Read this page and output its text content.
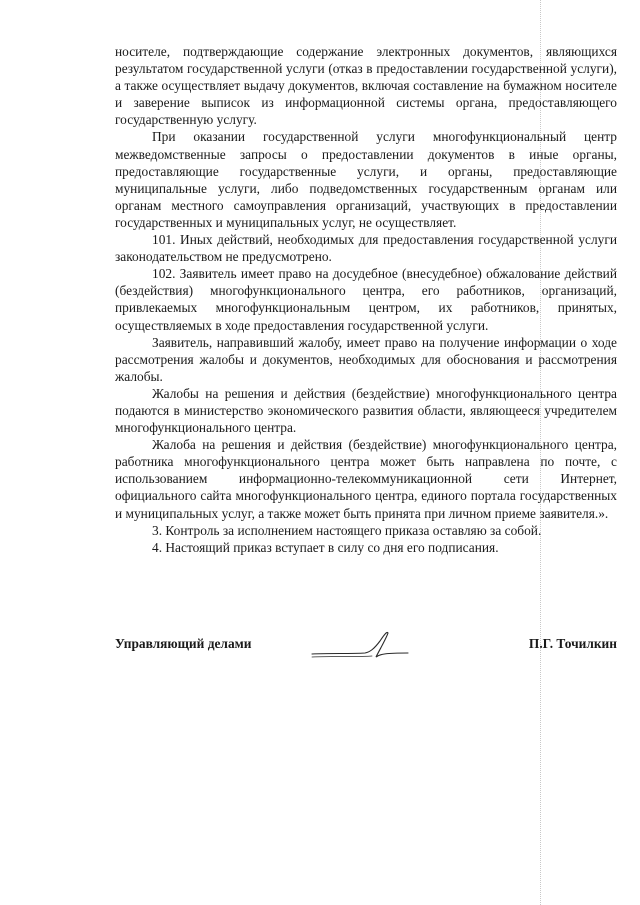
носителе, подтверждающие содержание электронных документов, являющихся результатом государственной услуги (отказ в предоставлении государственной услуги), а также осуществляет выдачу документов, включая составление на бумажном носителе и заверение выписок из информационной системы органа, предоставляющего государственную услугу.

При оказании государственной услуги многофункциональный центр межведомственные запросы о предоставлении документов в иные органы, предоставляющие государственные услуги, и органы, предоставляющие муниципальные услуги, либо подведомственных государственным органам или органам местного самоуправления организаций, участвующих в предоставлении государственных и муниципальных услуг, не осуществляет.

101. Иных действий, необходимых для предоставления государственной услуги законодательством не предусмотрено.

102. Заявитель имеет право на досудебное (внесудебное) обжалование действий (бездействия) многофункционального центра, его работников, организаций, привлекаемых многофункциональным центром, их работников, принятых, осуществляемых в ходе предоставления государственной услуги.

Заявитель, направивший жалобу, имеет право на получение информации о ходе рассмотрения жалобы и документов, необходимых для обоснования и рассмотрения жалобы.

Жалобы на решения и действия (бездействие) многофункционального центра подаются в министерство экономического развития области, являющееся учредителем многофункционального центра.

Жалоба на решения и действия (бездействие) многофункционального центра, работника многофункционального центра может быть направлена по почте, с использованием информационно-телекоммуникационной сети Интернет, официального сайта многофункционального центра, единого портала государственных и муниципальных услуг, а также может быть принята при личном приеме заявителя.».

3. Контроль за исполнением настоящего приказа оставляю за собой.

4. Настоящий приказ вступает в силу со дня его подписания.

Управляющий делами	П.Г. Точилкин
